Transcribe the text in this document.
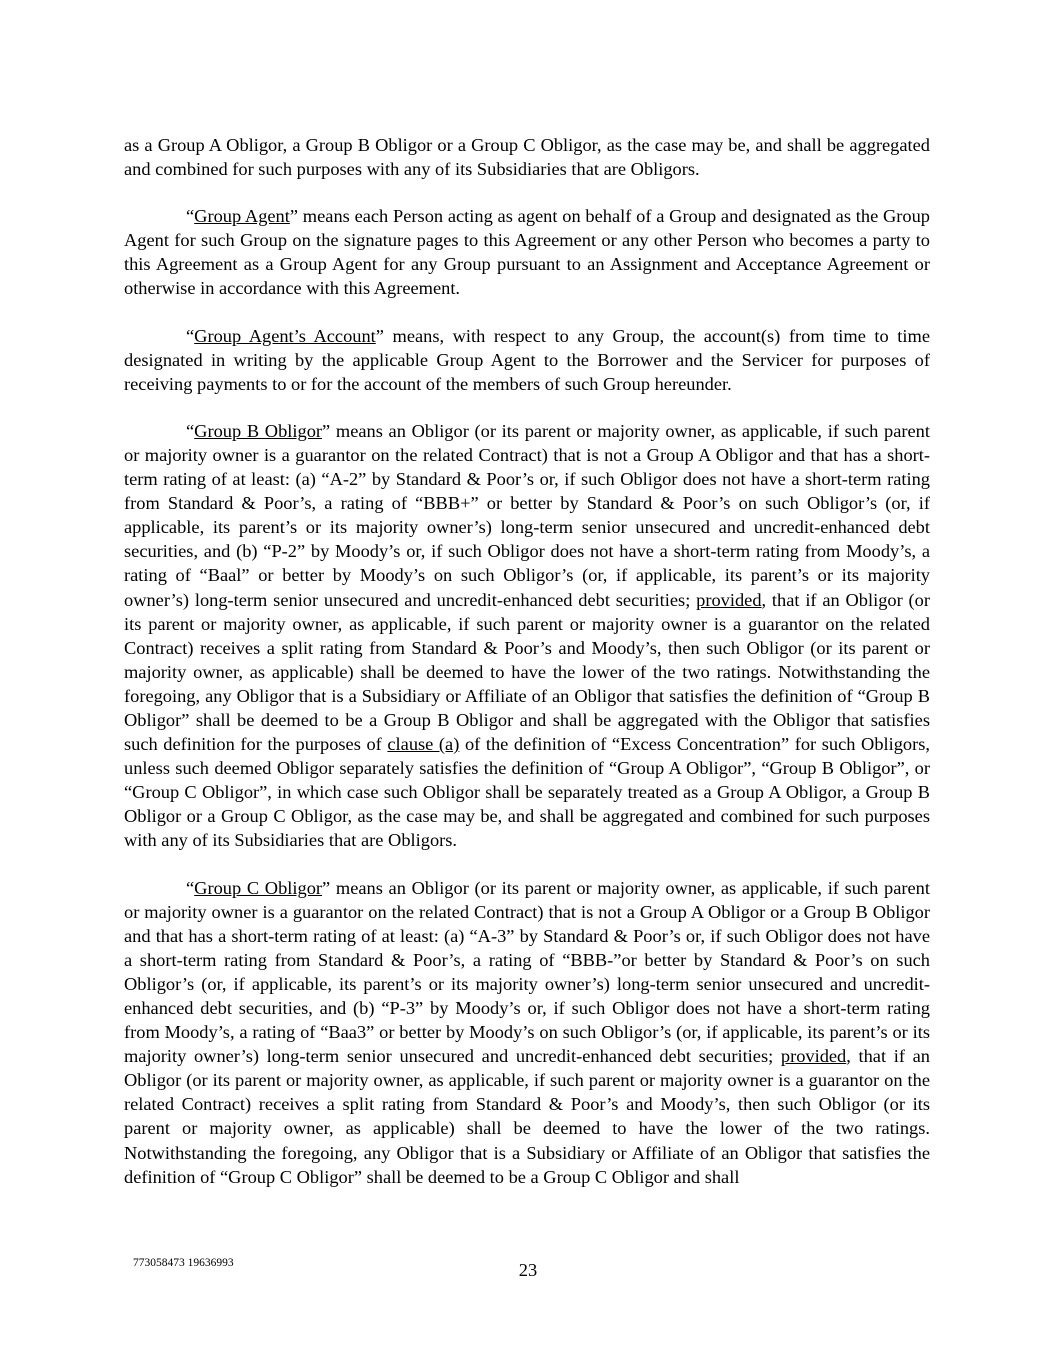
as a Group A Obligor, a Group B Obligor or a Group C Obligor, as the case may be, and shall be aggregated and combined for such purposes with any of its Subsidiaries that are Obligors.

“Group Agent” means each Person acting as agent on behalf of a Group and designated as the Group Agent for such Group on the signature pages to this Agreement or any other Person who becomes a party to this Agreement as a Group Agent for any Group pursuant to an Assignment and Acceptance Agreement or otherwise in accordance with this Agreement.

“Group Agent’s Account” means, with respect to any Group, the account(s) from time to time designated in writing by the applicable Group Agent to the Borrower and the Servicer for purposes of receiving payments to or for the account of the members of such Group hereunder.

“Group B Obligor” means an Obligor (or its parent or majority owner, as applicable, if such parent or majority owner is a guarantor on the related Contract) that is not a Group A Obligor and that has a short-term rating of at least: (a) “A-2” by Standard & Poor’s or, if such Obligor does not have a short-term rating from Standard & Poor’s, a rating of “BBB+” or better by Standard & Poor’s on such Obligor’s (or, if applicable, its parent’s or its majority owner’s) long-term senior unsecured and uncredit-enhanced debt securities, and (b) “P-2” by Moody’s or, if such Obligor does not have a short-term rating from Moody’s, a rating of “Baal” or better by Moody’s on such Obligor’s (or, if applicable, its parent’s or its majority owner’s) long-term senior unsecured and uncredit-enhanced debt securities; provided, that if an Obligor (or its parent or majority owner, as applicable, if such parent or majority owner is a guarantor on the related Contract) receives a split rating from Standard & Poor’s and Moody’s, then such Obligor (or its parent or majority owner, as applicable) shall be deemed to have the lower of the two ratings. Notwithstanding the foregoing, any Obligor that is a Subsidiary or Affiliate of an Obligor that satisfies the definition of “Group B Obligor” shall be deemed to be a Group B Obligor and shall be aggregated with the Obligor that satisfies such definition for the purposes of clause (a) of the definition of “Excess Concentration” for such Obligors, unless such deemed Obligor separately satisfies the definition of “Group A Obligor”, “Group B Obligor”, or “Group C Obligor”, in which case such Obligor shall be separately treated as a Group A Obligor, a Group B Obligor or a Group C Obligor, as the case may be, and shall be aggregated and combined for such purposes with any of its Subsidiaries that are Obligors.

“Group C Obligor” means an Obligor (or its parent or majority owner, as applicable, if such parent or majority owner is a guarantor on the related Contract) that is not a Group A Obligor or a Group B Obligor and that has a short-term rating of at least: (a) “A-3” by Standard & Poor’s or, if such Obligor does not have a short-term rating from Standard & Poor’s, a rating of “BBB-”or better by Standard & Poor’s on such Obligor’s (or, if applicable, its parent’s or its majority owner’s) long-term senior unsecured and uncredit-enhanced debt securities, and (b) “P-3” by Moody’s or, if such Obligor does not have a short-term rating from Moody’s, a rating of “Baa3” or better by Moody’s on such Obligor’s (or, if applicable, its parent’s or its majority owner’s) long-term senior unsecured and uncredit-enhanced debt securities; provided, that if an Obligor (or its parent or majority owner, as applicable, if such parent or majority owner is a guarantor on the related Contract) receives a split rating from Standard & Poor’s and Moody’s, then such Obligor (or its parent or majority owner, as applicable) shall be deemed to have the lower of the two ratings. Notwithstanding the foregoing, any Obligor that is a Subsidiary or Affiliate of an Obligor that satisfies the definition of “Group C Obligor” shall be deemed to be a Group C Obligor and shall

773058473 19636993	23
